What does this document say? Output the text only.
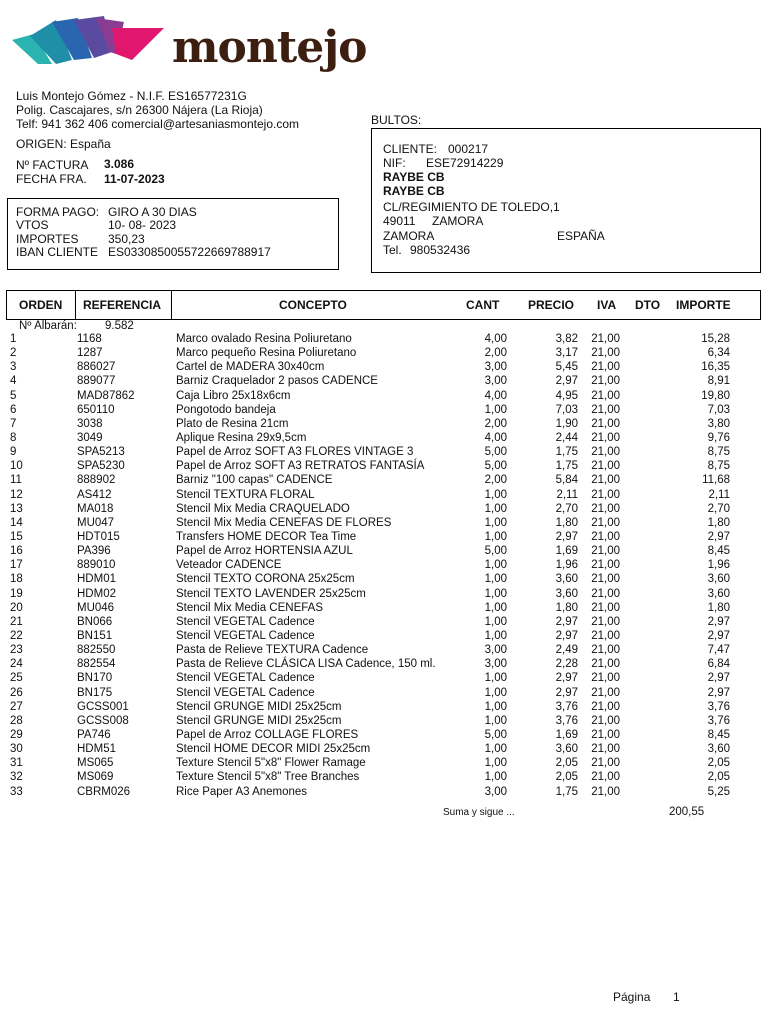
montejo
Luis Montejo Gómez - N.I.F. ES16577231G
Polig. Cascajares, s/n 26300 Nájera (La Rioja)
Telf: 941 362 406 comercial@artesaniasmontejo.com
ORIGEN: España
Nº FACTURA 3.086
FECHA FRA. 11-07-2023
FORMA PAGO: GIRO A 30 DIAS
VTOS	10- 08- 2023
IMPORTES 350,23
IBAN CLIENTE ES0330850055722669788917
BULTOS:
CLIENTE: 000217
NIF: ESE72914229
RAYBE CB
RAYBE CB
CL/REGIMIENTO DE TOLEDO,1
49011 ZAMORA
ZAMORA	ESPAÑA
Tel. 980532436
ORDEN REFERENCIA	CONCEPTO	CANT PRECIO IVA DTO IMPORTE
Nº Albarán: 9.582
1	1168	Marco ovalado Resina Poliuretano	4,00	3,82 21,00	15,28
2	1287	Marco pequeño Resina Poliuretano	2,00	3,17 21,00	6,34
3	886027	Cartel de MADERA 30x40cm	3,00	5,45 21,00	16,35
4	889077	Barniz Craquelador 2 pasos CADENCE	3,00	2,97 21,00	8,91
5	MAD87862	Caja Libro 25x18x6cm	4,00	4,95 21,00	19,80
6	650110	Pongotodo bandeja	1,00	7,03 21,00	7,03
7	3038	Plato de Resina 21cm	2,00	1,90 21,00	3,80
8	3049	Aplique Resina 29x9,5cm	4,00	2,44 21,00	9,76
9	SPA5213	Papel de Arroz SOFT A3 FLORES VINTAGE 3	5,00	1,75 21,00	8,75
10	SPA5230	Papel de Arroz SOFT A3 RETRATOS FANTASÍA	5,00	1,75 21,00	8,75
11	888902	Barniz "100 capas" CADENCE	2,00	5,84 21,00	11,68
12	AS412	Stencil TEXTURA FLORAL	1,00	2,11 21,00	2,11
13	MA018	Stencil Mix Media CRAQUELADO	1,00	2,70 21,00	2,70
14	MU047	Stencil Mix Media CENEFAS DE FLORES	1,00	1,80 21,00	1,80
15	HDT015	Transfers HOME DECOR Tea Time	1,00	2,97 21,00	2,97
16	PA396	Papel de Arroz HORTENSIA AZUL	5,00	1,69 21,00	8,45
17	889010	Veteador CADENCE	1,00	1,96 21,00	1,96
18	HDM01	Stencil TEXTO CORONA 25x25cm	1,00	3,60 21,00	3,60
19	HDM02	Stencil TEXTO LAVENDER 25x25cm	1,00	3,60 21,00	3,60
20	MU046	Stencil Mix Media CENEFAS	1,00	1,80 21,00	1,80
21	BN066	Stencil VEGETAL Cadence	1,00	2,97 21,00	2,97
22	BN151	Stencil VEGETAL Cadence	1,00	2,97 21,00	2,97
23	882550	Pasta de Relieve TEXTURA Cadence	3,00	2,49 21,00	7,47
24	882554	Pasta de Relieve CLÁSICA LISA Cadence, 150 ml.	3,00	2,28 21,00	6,84
25	BN170	Stencil VEGETAL Cadence	1,00	2,97 21,00	2,97
26	BN175	Stencil VEGETAL Cadence	1,00	2,97 21,00	2,97
27	GCSS001	Stencil GRUNGE MIDI 25x25cm	1,00	3,76 21,00	3,76
28	GCSS008	Stencil GRUNGE MIDI 25x25cm	1,00	3,76 21,00	3,76
29	PA746	Papel de Arroz COLLAGE FLORES	5,00	1,69 21,00	8,45
30	HDM51	Stencil HOME DECOR MIDI 25x25cm	1,00	3,60 21,00	3,60
31	MS065	Texture Stencil 5"x8" Flower Ramage	1,00	2,05 21,00	2,05
32	MS069	Texture Stencil 5"x8" Tree Branches	1,00	2,05 21,00	2,05
33	CBRM026	Rice Paper A3 Anemones	3,00	1,75 21,00	5,25
Suma y sigue ...	200,55
Página 1
